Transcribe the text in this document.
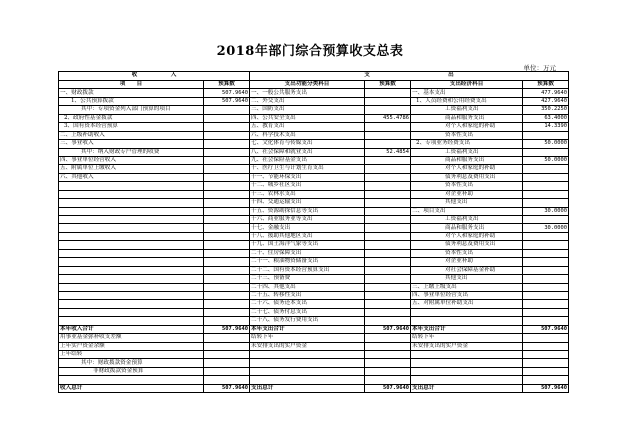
2018年部门综合预算收支总表
单位：万元
收　　　　　　入		支　　　　　　　　　　　　　　出			
项　　目	预算数	支出功能分类科目	预算数	支出经济科目	预算数
一、财政拨款	507.9640	一、一般公共服务支出		一、基本支出	477.9640
1、公共预算拨款	507.9640	二、外交支出		1、人员经费和公用经费支出	427.9640
其中：专项资金列入部门预算的项目		三、国防支出		工资福利支出	350.2250
2、政府性基金拨款		四、公共安全支出	455.4786	商品和服务支出	63.4000
3、国有资本经营预算		五、教育支出		对个人和家庭的补助	14.3390
二、上级补助收入		六、科学技术支出		资本性支出	
三、事业收入		七、文化体育与传媒支出		2、专项业务经费支出	50.0000
其中：纳入财政专户管理的收费		八、社会保障和就业支出	52.4854	工资福利支出	
四、事业单位经营收入		九、社会保险基金支出		商品和服务支出	50.0000
五、附属单位上缴收入		十、医疗卫生与计划生育支出		对个人和家庭的补助	
六、其他收入		十一、节能环保支出		债务利息及费用支出	
		十二、城乡社区支出		资本性支出	
		十三、农林水支出		对企业补助	
		十四、交通运输支出		其他支出	
		十五、资源勘探信息等支出		二、项目支出	30.0000
		十六、商业服务业等支出		工资福利支出	
		十七、金融支出		商品和服务支出	30.0000
		十八、援助其他地区支出		对个人和家庭的补助	
		十九、国土海洋气象等支出		债务利息及费用支出	
		二十、住房保障支出		资本性支出	
		二十一、粮油物资储备支出		对企业补助	
		二十二、国有资本经营预算支出		对社会保障基金补助	
		二十三、预备费		其他支出	
		二十四、其他支出		三、上缴上级支出	
		二十五、转移性支出		四、事业单位经营支出	
		二十六、债务还本支出		五、对附属单位补助支出	
		二十七、债务付息支出			
		二十八、债务发行费用支出			
本年收入合计	507.9640	本年支出合计	507.9640	本年支出合计	507.9640
用事业基金弥补收支差额		结转下年		结转下年	
上年实户资金余额		未安排支出的实户资金		未安排支出的实户资金	
上年结转					
其中：财政拨款资金预算					
非财政拨款资金预算					

收入总计	507.9640	支出总计	507.9640	支出总计	507.9640
